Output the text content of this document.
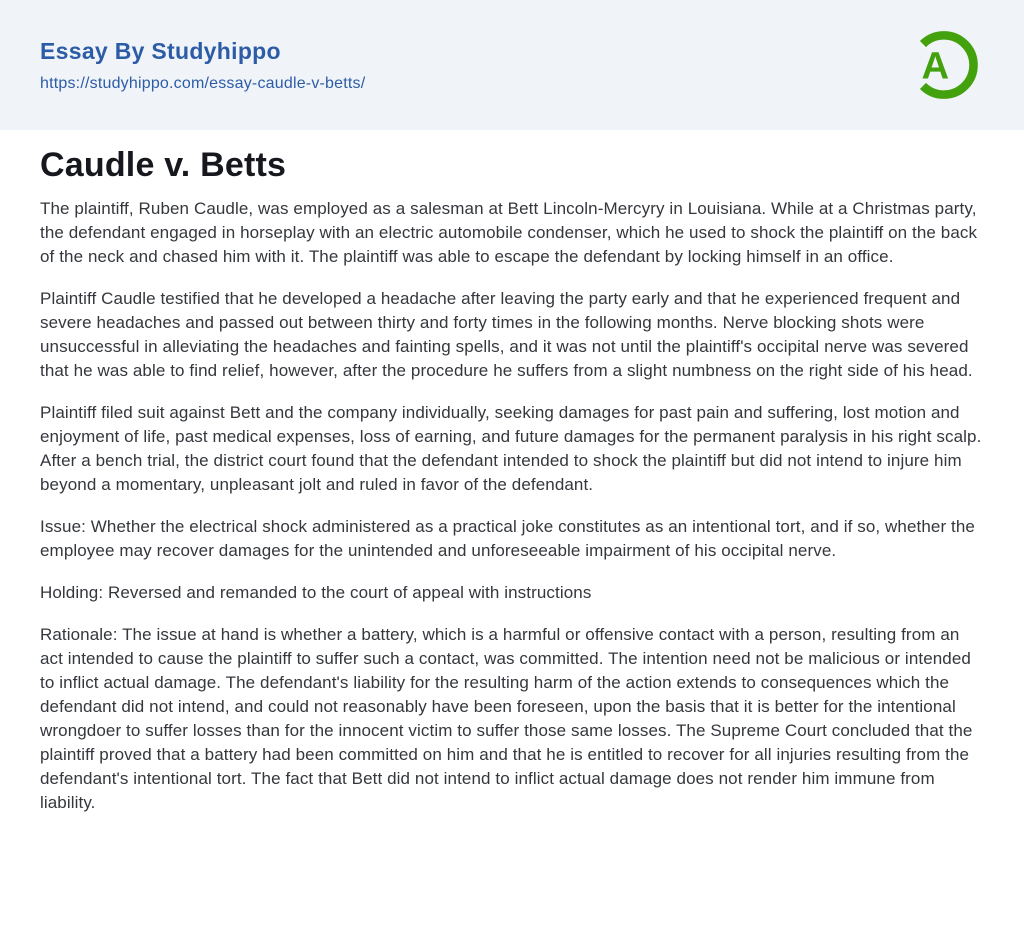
Essay By Studyhippo
https://studyhippo.com/essay-caudle-v-betts/	A
Caudle v. Betts

The plaintiff, Ruben Caudle, was employed as a salesman at Bett Lincoln-Mercyry in Louisiana. While at a Christmas party, the defendant engaged in horseplay with an electric automobile condenser, which he used to shock the plaintiff on the back of the neck and chased him with it. The plaintiff was able to escape the defendant by locking himself in an office.

Plaintiff Caudle testified that he developed a headache after leaving the party early and that he experienced frequent and severe headaches and passed out between thirty and forty times in the following months. Nerve blocking shots were unsuccessful in alleviating the headaches and fainting spells, and it was not until the plaintiff's occipital nerve was severed that he was able to find relief, however, after the procedure he suffers from a slight numbness on the right side of his head.

Plaintiff filed suit against Bett and the company individually, seeking damages for past pain and suffering, lost motion and enjoyment of life, past medical expenses, loss of earning, and future damages for the permanent paralysis in his right scalp. After a bench trial, the district court found that the defendant intended to shock the plaintiff but did not intend to injure him beyond a momentary, unpleasant jolt and ruled in favor of the defendant.

Issue: Whether the electrical shock administered as a practical joke constitutes as an intentional tort, and if so, whether the employee may recover damages for the unintended and unforeseeable impairment of his occipital nerve.

Holding: Reversed and remanded to the court of appeal with instructions

Rationale: The issue at hand is whether a battery, which is a harmful or offensive contact with a person, resulting from an act intended to cause the plaintiff to suffer such a contact, was committed. The intention need not be malicious or intended to inflict actual damage. The defendant's liability for the resulting harm of the action extends to consequences which the defendant did not intend, and could not reasonably have been foreseen, upon the basis that it is better for the intentional wrongdoer to suffer losses than for the innocent victim to suffer those same losses. The Supreme Court concluded that the plaintiff proved that a battery had been committed on him and that he is entitled to recover for all injuries resulting from the defendant's intentional tort. The fact that Bett did not intend to inflict actual damage does not render him immune from liability.
